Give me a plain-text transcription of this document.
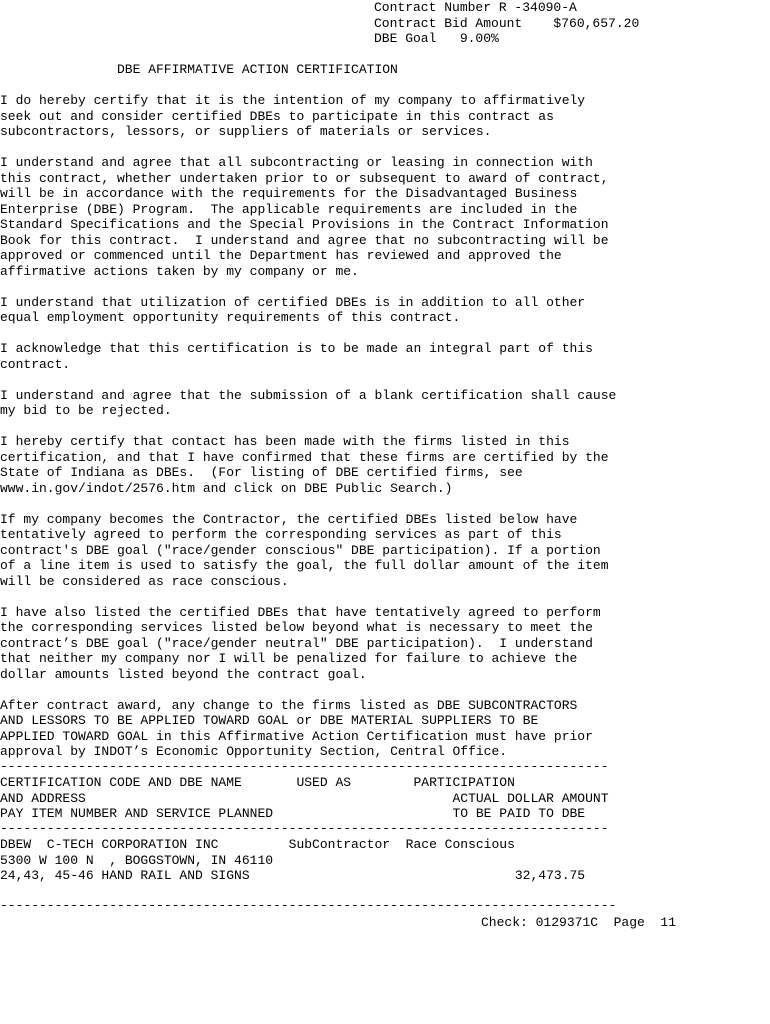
Contract Number R -34090-A
Contract Bid Amount    $760,657.20
DBE Goal   9.00%
DBE AFFIRMATIVE ACTION CERTIFICATION
I do hereby certify that it is the intention of my company to affirmatively
seek out and consider certified DBEs to participate in this contract as
subcontractors, lessors, or suppliers of materials or services.
I understand and agree that all subcontracting or leasing in connection with
this contract, whether undertaken prior to or subsequent to award of contract,
will be in accordance with the requirements for the Disadvantaged Business
Enterprise (DBE) Program.  The applicable requirements are included in the
Standard Specifications and the Special Provisions in the Contract Information
Book for this contract.  I understand and agree that no subcontracting will be
approved or commenced until the Department has reviewed and approved the
affirmative actions taken by my company or me.
I understand that utilization of certified DBEs is in addition to all other
equal employment opportunity requirements of this contract.
I acknowledge that this certification is to be made an integral part of this
contract.
I understand and agree that the submission of a blank certification shall cause
my bid to be rejected.
I hereby certify that contact has been made with the firms listed in this
certification, and that I have confirmed that these firms are certified by the
State of Indiana as DBEs.  (For listing of DBE certified firms, see
www.in.gov/indot/2576.htm and click on DBE Public Search.)
If my company becomes the Contractor, the certified DBEs listed below have
tentatively agreed to perform the corresponding services as part of this
contract's DBE goal ("race/gender conscious" DBE participation). If a portion
of a line item is used to satisfy the goal, the full dollar amount of the item
will be considered as race conscious.
I have also listed the certified DBEs that have tentatively agreed to perform
the corresponding services listed below beyond what is necessary to meet the
contract’s DBE goal ("race/gender neutral" DBE participation).  I understand
that neither my company nor I will be penalized for failure to achieve the
dollar amounts listed beyond the contract goal.
After contract award, any change to the firms listed as DBE SUBCONTRACTORS
AND LESSORS TO BE APPLIED TOWARD GOAL or DBE MATERIAL SUPPLIERS TO BE
APPLIED TOWARD GOAL in this Affirmative Action Certification must have prior
approval by INDOT’s Economic Opportunity Section, Central Office.
------------------------------------------------------------------------------
CERTIFICATION CODE AND DBE NAME       USED AS        PARTICIPATION
AND ADDRESS                                               ACTUAL DOLLAR AMOUNT
PAY ITEM NUMBER AND SERVICE PLANNED                       TO BE PAID TO DBE
------------------------------------------------------------------------------
DBEW  C-TECH CORPORATION INC         SubContractor  Race Conscious
5300 W 100 N  , BOGGSTOWN, IN 46110
24,43, 45-46 HAND RAIL AND SIGNS                                  32,473.75
-------------------------------------------------------------------------------
Check: 0129371C  Page  11
